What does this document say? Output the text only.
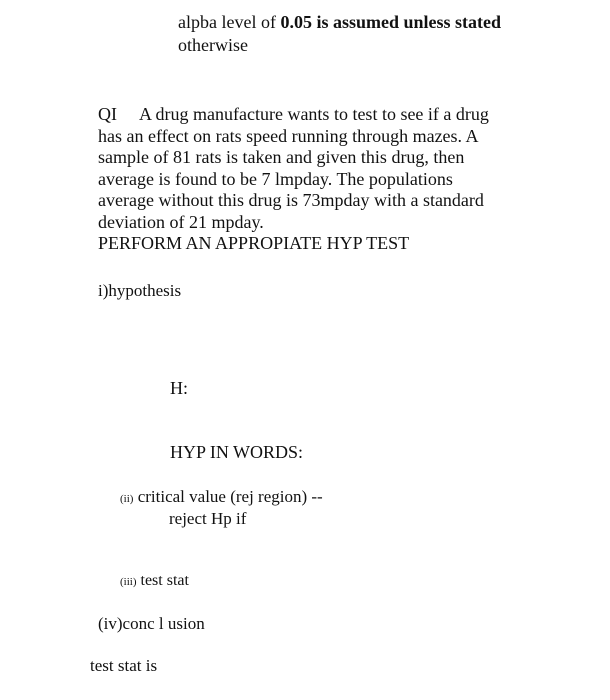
alpba level of 0.05 is assumed unless stated
otherwise
QI A drug manufacture wants to test to see if a drug
has an effect on rats speed running through mazes. A
sample of 81 rats is taken and given this drug, then
average is found to be 7 lmpday. The populations
average without this drug is 73mpday with a standard
deviation of 21 mpday.
PERFORM AN APPROPIATE HYP TEST
i)hypothesis
H:
HYP IN WORDS:
(ii) critical value (rej region) --
reject Hp if
(iii) test stat
(iv)conc l usion
test stat is
